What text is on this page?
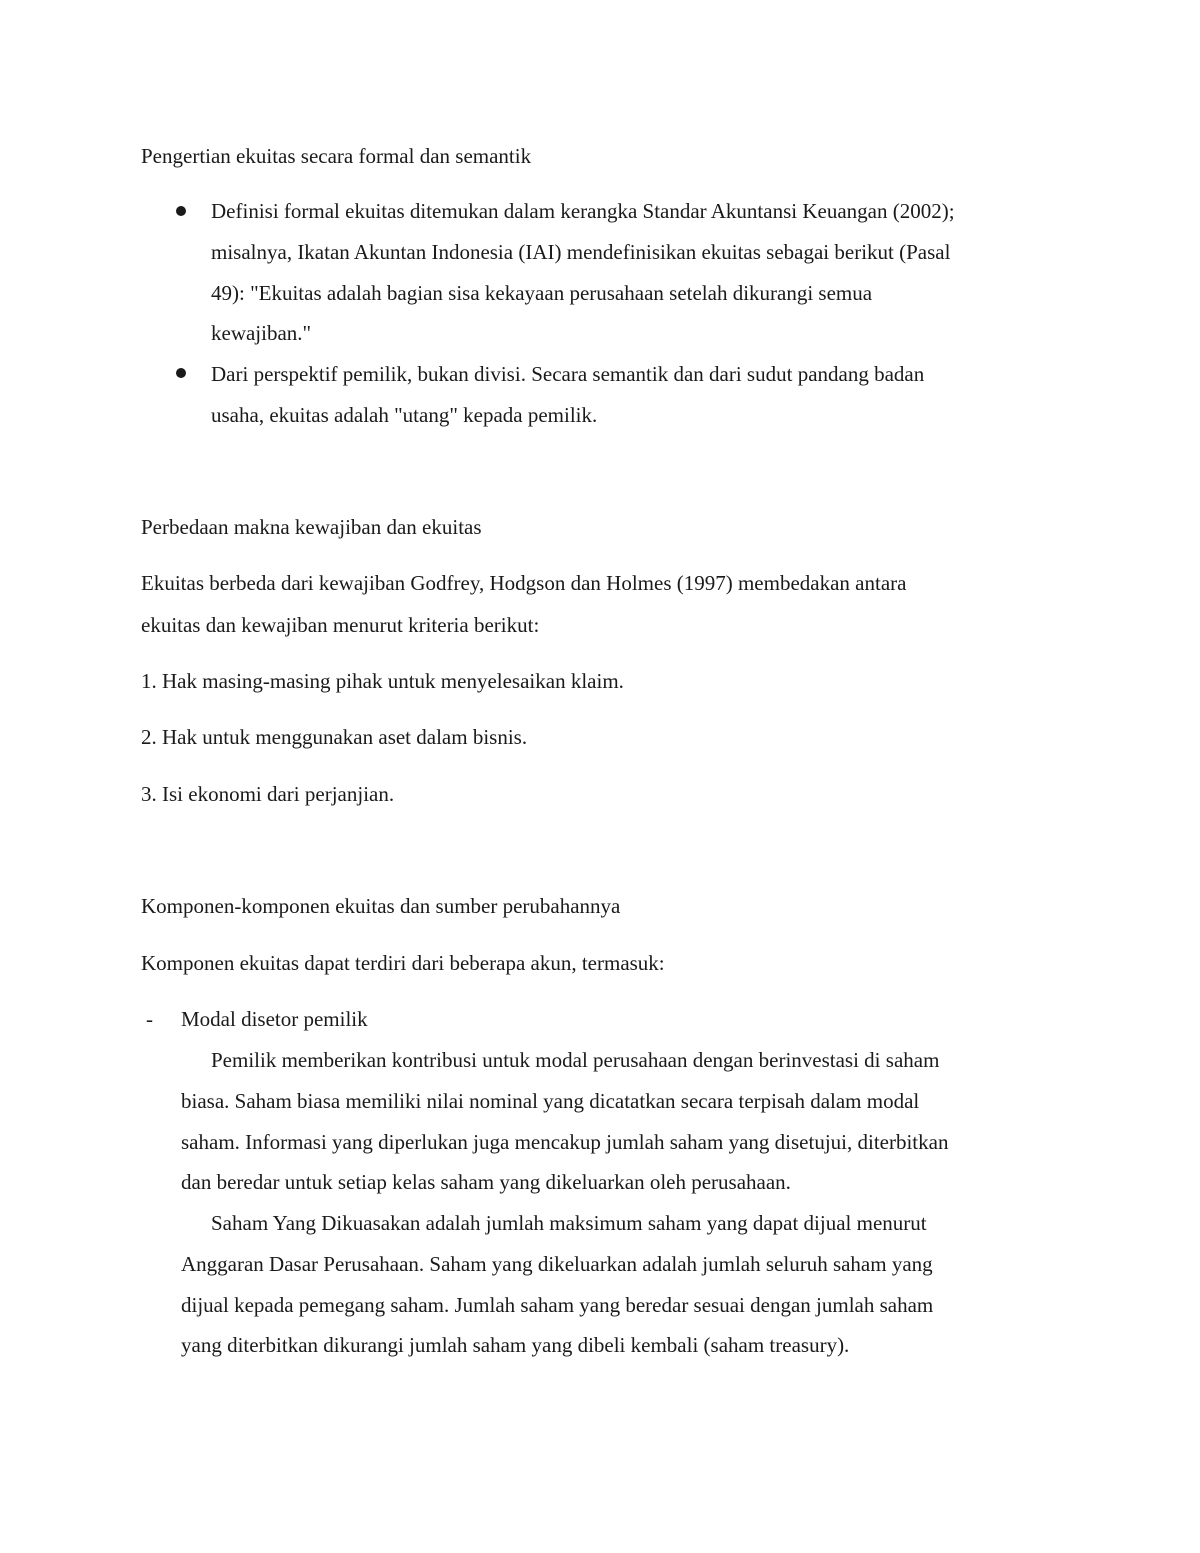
Pengertian ekuitas secara formal dan semantik
Definisi formal ekuitas ditemukan dalam kerangka Standar Akuntansi Keuangan (2002);
misalnya, Ikatan Akuntan Indonesia (IAI) mendefinisikan ekuitas sebagai berikut (Pasal
49): "Ekuitas adalah bagian sisa kekayaan perusahaan setelah dikurangi semua
kewajiban."
Dari perspektif pemilik, bukan divisi. Secara semantik dan dari sudut pandang badan
usaha, ekuitas adalah "utang" kepada pemilik.
Perbedaan makna kewajiban dan ekuitas
Ekuitas berbeda dari kewajiban Godfrey, Hodgson dan Holmes (1997) membedakan antara
ekuitas dan kewajiban menurut kriteria berikut:
1. Hak masing-masing pihak untuk menyelesaikan klaim.
2. Hak untuk menggunakan aset dalam bisnis.
3. Isi ekonomi dari perjanjian.
Komponen-komponen ekuitas dan sumber perubahannya
Komponen ekuitas dapat terdiri dari beberapa akun, termasuk:
- Modal disetor pemilik
Pemilik memberikan kontribusi untuk modal perusahaan dengan berinvestasi di saham
biasa. Saham biasa memiliki nilai nominal yang dicatatkan secara terpisah dalam modal
saham. Informasi yang diperlukan juga mencakup jumlah saham yang disetujui, diterbitkan
dan beredar untuk setiap kelas saham yang dikeluarkan oleh perusahaan.
Saham Yang Dikuasakan adalah jumlah maksimum saham yang dapat dijual menurut
Anggaran Dasar Perusahaan. Saham yang dikeluarkan adalah jumlah seluruh saham yang
dijual kepada pemegang saham. Jumlah saham yang beredar sesuai dengan jumlah saham
yang diterbitkan dikurangi jumlah saham yang dibeli kembali (saham treasury).
